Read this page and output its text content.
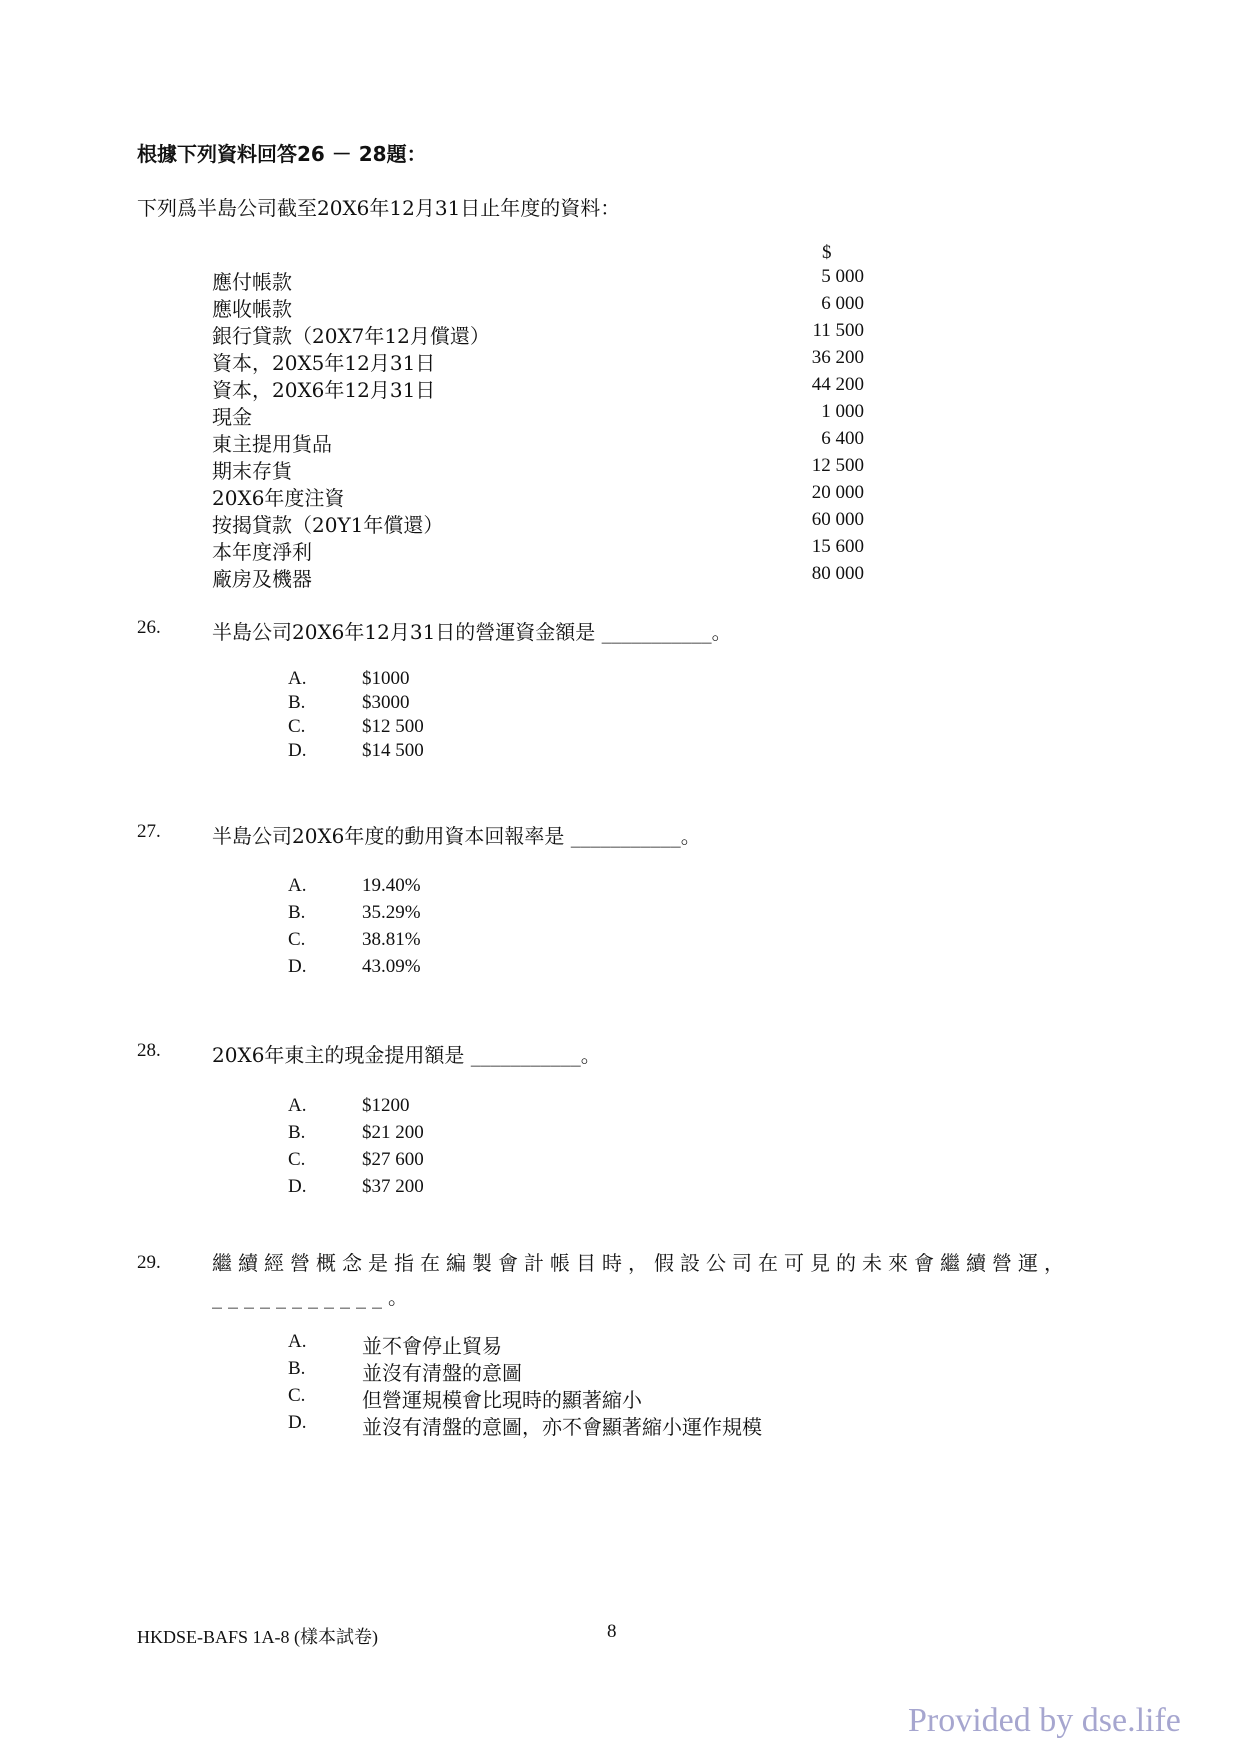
根據下列資料回答26 － 28題：
下列爲半島公司截至20X6年12月31日止年度的資料：
$
應付帳款	5 000
應收帳款	6 000
銀行貸款（20X7年12月償還）	11 500
資本，20X5年12月31日	36 200
資本，20X6年12月31日	44 200
現金	1 000
東主提用貨品	6 400
期末存貨	12 500
20X6年度注資	20 000
按揭貸款（20Y1年償還）	60 000
本年度淨利	15 600
廠房及機器	80 000
26.	半島公司20X6年12月31日的營運資金額是 ___________。
A.	$1000
B.	$3000
C.	$12 500
D.	$14 500
27.	半島公司20X6年度的動用資本回報率是 ___________。
A.	19.40%
B.	35.29%
C.	38.81%
D.	43.09%
28.	20X6年東主的現金提用額是 ___________。
A.	$1200
B.	$21 200
C.	$27 600
D.	$37 200
29.	繼續經營概念是指在編製會計帳目時，假設公司在可見的未來會繼續營運，___________。
A.	並不會停止貿易
B.	並沒有清盤的意圖
C.	但營運規模會比現時的顯著縮小
D.	並沒有清盤的意圖，亦不會顯著縮小運作規模
HKDSE-BAFS 1A-8 (樣本試卷)	8
Provided by dse.life
